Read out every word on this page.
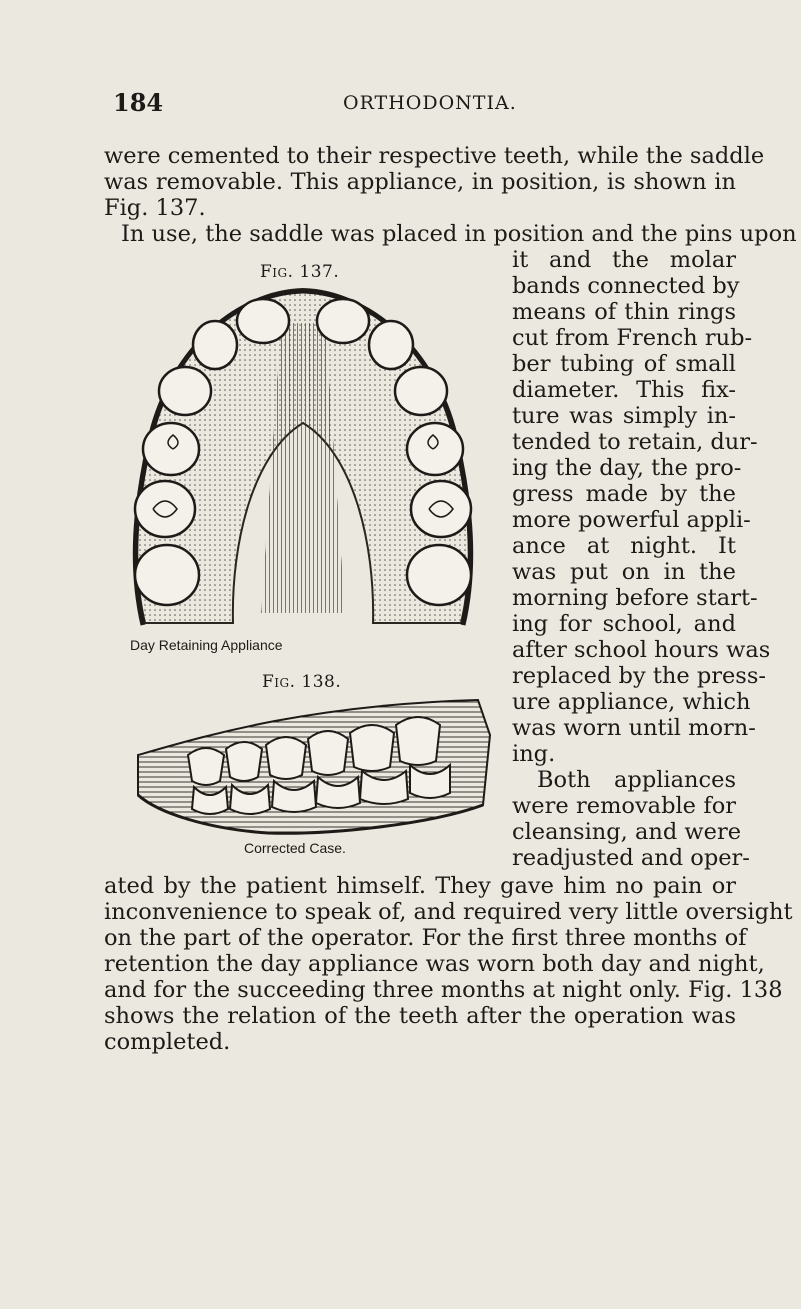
184	ORTHODONTIA.
were cemented to their respective teeth, while the saddle
was removable. This appliance, in position, is shown in
Fig. 137.
In use, the saddle was placed in position and the pins upon
it and the molar
bands connected by
means of thin rings
cut from French rub-
ber tubing of small
diameter. This fix-
ture was simply in-
tended to retain, dur-
ing the day, the pro-
gress made by the
more powerful appli-
ance at night. It
was put on in the
morning before start-
ing for school, and
after school hours was
replaced by the press-
ure appliance, which
was worn until morn-
ing.
Both appliances
were removable for
cleansing, and were
readjusted and oper-
ated by the patient himself. They gave him no pain or
inconvenience to speak of, and required very little oversight
on the part of the operator. For the first three months of
retention the day appliance was worn both day and night,
and for the succeeding three months at night only. Fig. 138
shows the relation of the teeth after the operation was
completed.
Fig. 137.
Day Retaining Appliance
Fig. 138.
Corrected Case.
